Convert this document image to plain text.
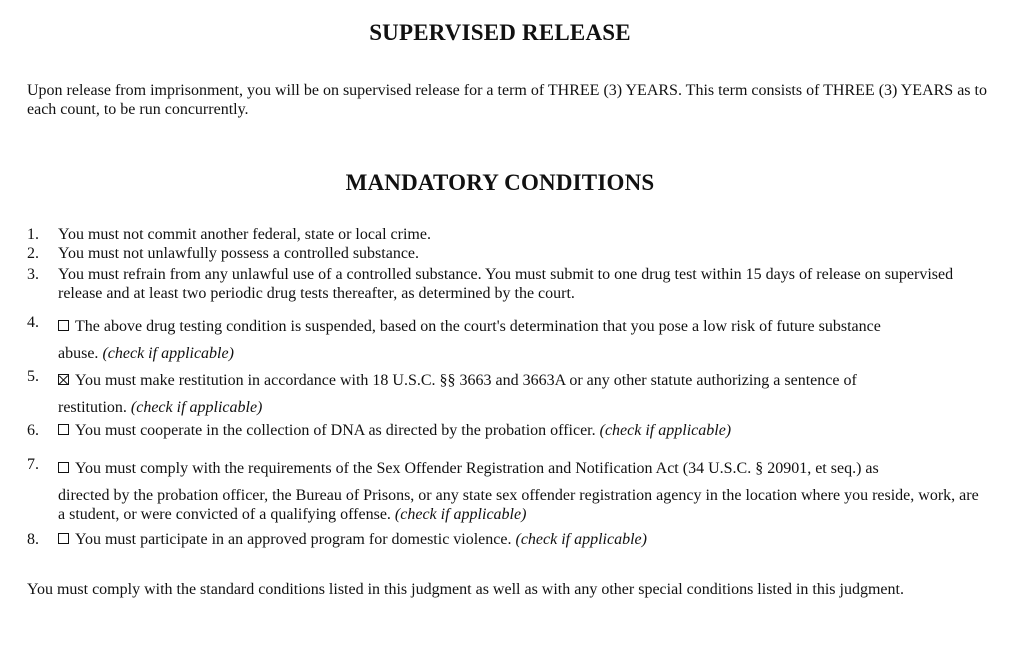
SUPERVISED RELEASE
Upon release from imprisonment, you will be on supervised release for a term of THREE (3) YEARS. This term consists of THREE (3) YEARS as to each count, to be run concurrently.
MANDATORY CONDITIONS
1.	You must not commit another federal, state or local crime.
2.	You must not unlawfully possess a controlled substance.
3.	You must refrain from any unlawful use of a controlled substance. You must submit to one drug test within 15 days of release on supervised release and at least two periodic drug tests thereafter, as determined by the court.
4.	The above drug testing condition is suspended, based on the court's determination that you pose a low risk of future substance
abuse. (check if applicable)
5.	You must make restitution in accordance with 18 U.S.C. §§ 3663 and 3663A or any other statute authorizing a sentence of
restitution. (check if applicable)
6.	You must cooperate in the collection of DNA as directed by the probation officer. (check if applicable)
7.	You must comply with the requirements of the Sex Offender Registration and Notification Act (34 U.S.C. § 20901, et seq.) as
directed by the probation officer, the Bureau of Prisons, or any state sex offender registration agency in the location where you reside, work, are a student, or were convicted of a qualifying offense. (check if applicable)
8.	You must participate in an approved program for domestic violence. (check if applicable)
You must comply with the standard conditions listed in this judgment as well as with any other special conditions listed in this judgment.
